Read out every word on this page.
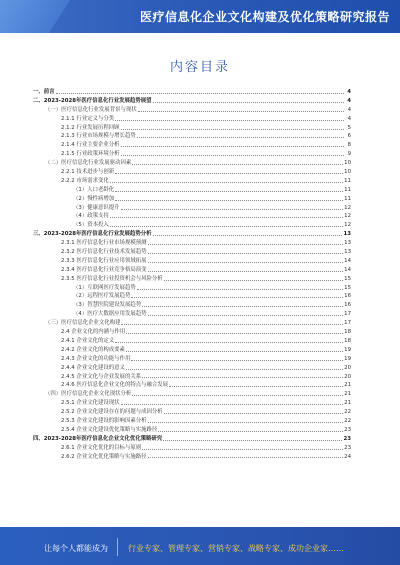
医疗信息化企业文化构建及优化策略研究报告
内容目录
一、前言	4
二、2023-2028年医疗信息化行业发展趋势展望	4
（一）医疗信息化行业发展背景与现状	4
2.1.1 行业定义与分类	4
2.1.2 行业发展历程回顾	5
2.1.3 行业市场规模与增长趋势	6
2.1.4 行业主要企业分析	8
2.1.5 行业政策环境分析	9
（二）医疗信息化行业发展驱动因素	10
2.2.1 技术进步与创新	10
2.2.2 市场需求变化	11
（1）人口老龄化	11
（2）慢性病增加	11
（3）健康意识提升	12
（4）政策支持	12
（5）资本投入	12
三、2023-2028年医疗信息化行业发展趋势分析	13
2.3.1 医疗信息化行业市场规模预测	13
2.3.2 医疗信息化行业技术发展趋势	13
2.3.3 医疗信息化行业应用领域拓展	14
2.3.4 医疗信息化行业竞争格局演变	14
2.3.5 医疗信息化行业投资机会与风险分析	15
（1）互联网医疗发展趋势	15
（2）远程医疗发展趋势	16
（3）智慧医院建设发展趋势	16
（4）医疗大数据应用发展趋势	17
（三）医疗信息化企业文化构建	17
2.4 企业文化的内涵与作用	18
2.4.1 企业文化的定义	18
2.4.2 企业文化的构成要素	19
2.4.3 企业文化的功能与作用	19
2.4.4 企业文化建设的意义	20
2.4.5 企业文化与企业发展的关系	20
2.4.6 医疗信息化企业文化的特点与融合发展	21
（四）医疗信息化企业文化现状分析	21
2.5.1 企业文化建设现状	21
2.5.2 企业文化建设存在的问题与成因分析	22
2.5.3 企业文化建设的影响因素分析	22
2.5.4 企业文化建设优化策略与实施路径	23
四、2023-2028年医疗信息化企业文化优化策略研究	23
2.6.1 企业文化优化的目标与原则	23
2.6.2 企业文化优化策略与实施路径	24
让每个人都能成为	行业专家、管理专家、营销专家、战略专家、成功企业家……
